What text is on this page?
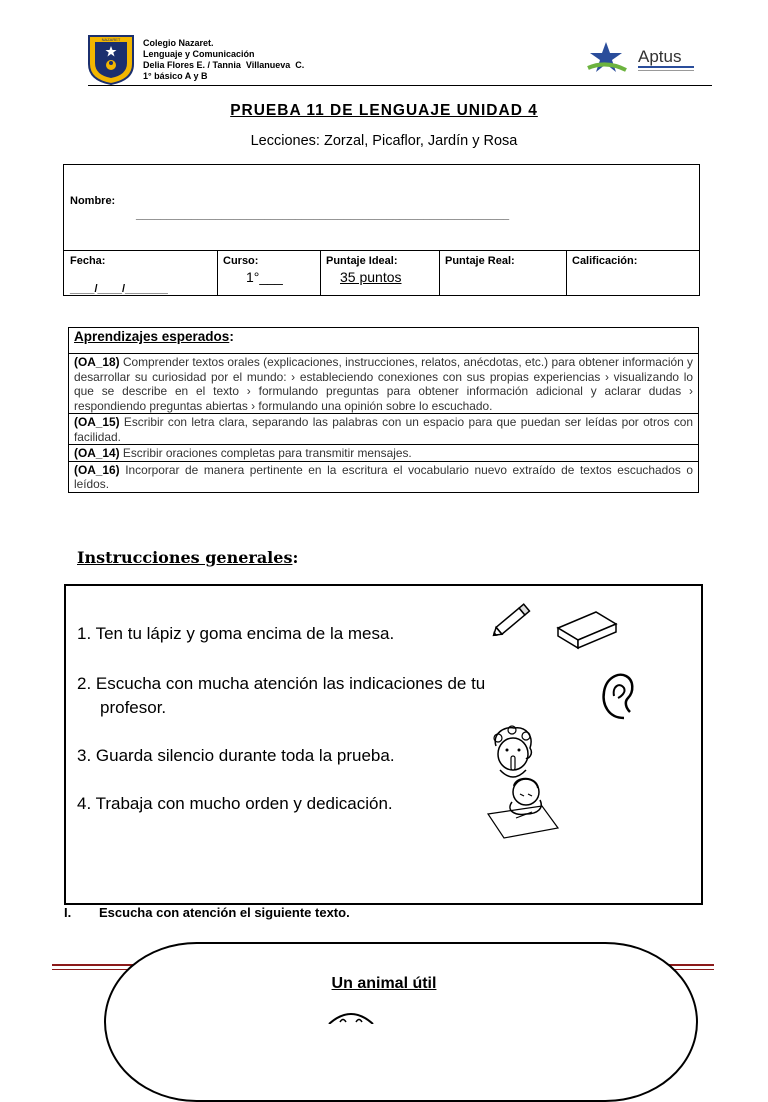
NAZARET	Colegio Nazaret.
Lenguaje y Comunicación
Delia Flores E. / Tannia  Villanueva  C.
1° básico A y B
Aptus
PRUEBA 11 DE LENGUAJE UNIDAD 4
Lecciones: Zorzal, Picaflor, Jardín y Rosa
Nombre:
_____________________________________________________________
Fecha:
____/____/_______
Curso:
1°___
Puntaje Ideal:
35 puntos
Puntaje Real:	Calificación:
Aprendizajes esperados:
(OA_18) Comprender textos orales (explicaciones, instrucciones, relatos, anécdotas, etc.) para obtener información y desarrollar su curiosidad por el mundo: › estableciendo conexiones con sus propias experiencias › visualizando lo que se describe en el texto › formulando preguntas para obtener información adicional y aclarar dudas › respondiendo preguntas abiertas › formulando una opinión sobre lo escuchado.
(OA_15) Escribir con letra clara, separando las palabras con un espacio para que puedan ser leídas por otros con facilidad.
(OA_14) Escribir oraciones completas para transmitir mensajes.
(OA_16) Incorporar de manera pertinente en la escritura el vocabulario nuevo extraído de textos escuchados o leídos.
Instrucciones generales:
1. Ten tu lápiz y goma encima de la mesa.
2. Escucha con mucha atención las indicaciones de tu
profesor.
3. Guarda silencio durante toda la prueba.
4. Trabaja con mucho orden y dedicación.
I. Escucha con atención el siguiente texto.
Un animal útil
